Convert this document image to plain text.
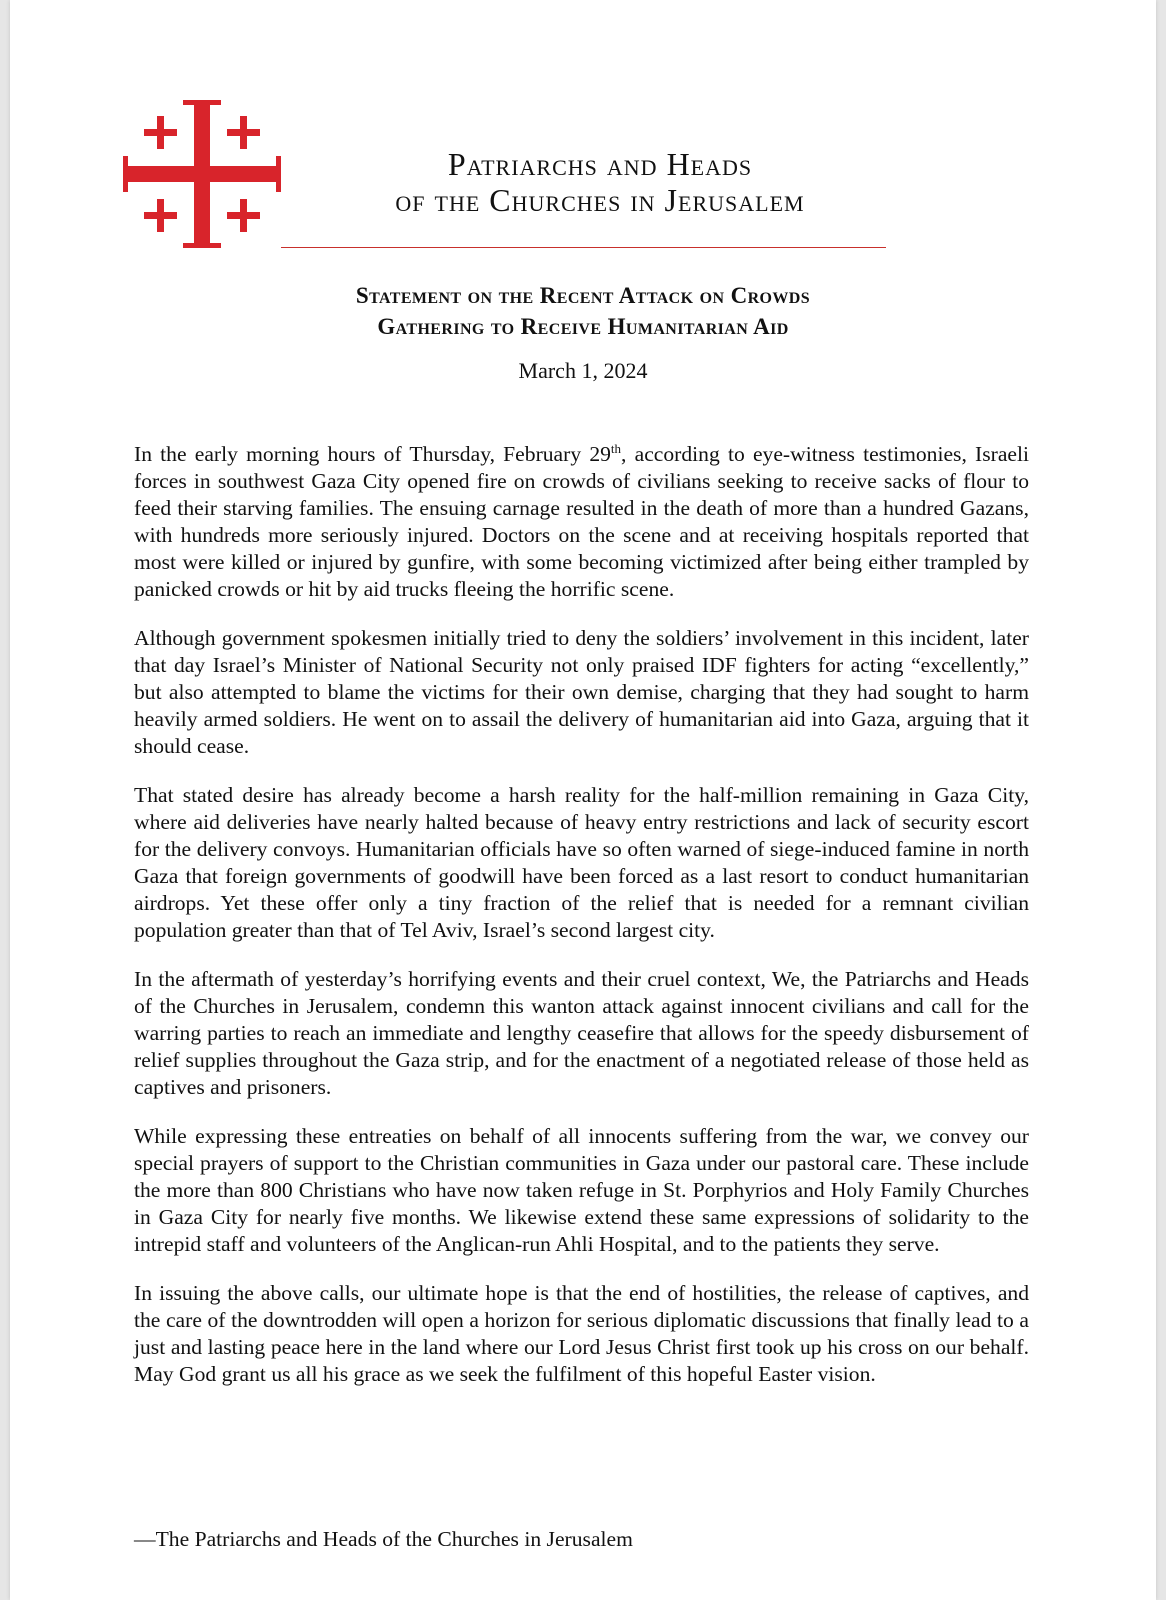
Patriarchs and Heads
of the Churches in Jerusalem
Statement on the Recent Attack on Crowds
Gathering to Receive Humanitarian Aid
March 1, 2024

In the early morning hours of Thursday, February 29th, according to eye-witness testimonies, Israeli forces in southwest Gaza City opened fire on crowds of civilians seeking to receive sacks of flour to feed their starving families. The ensuing carnage resulted in the death of more than a hundred Gazans, with hundreds more seriously injured. Doctors on the scene and at receiving hospitals reported that most were killed or injured by gunfire, with some becoming victimized after being either trampled by panicked crowds or hit by aid trucks fleeing the horrific scene.

Although government spokesmen initially tried to deny the soldiers’ involvement in this incident, later that day Israel’s Minister of National Security not only praised IDF fighters for acting “excellently,” but also attempted to blame the victims for their own demise, charging that they had sought to harm heavily armed soldiers. He went on to assail the delivery of humanitarian aid into Gaza, arguing that it should cease.

That stated desire has already become a harsh reality for the half-million remaining in Gaza City, where aid deliveries have nearly halted because of heavy entry restrictions and lack of security escort for the delivery convoys. Humanitarian officials have so often warned of siege-induced famine in north Gaza that foreign governments of goodwill have been forced as a last resort to conduct humanitarian airdrops. Yet these offer only a tiny fraction of the relief that is needed for a remnant civilian population greater than that of Tel Aviv, Israel’s second largest city.

In the aftermath of yesterday’s horrifying events and their cruel context, We, the Patriarchs and Heads of the Churches in Jerusalem, condemn this wanton attack against innocent civilians and call for the warring parties to reach an immediate and lengthy ceasefire that allows for the speedy disbursement of relief supplies throughout the Gaza strip, and for the enactment of a negotiated release of those held as captives and prisoners.

While expressing these entreaties on behalf of all innocents suffering from the war, we convey our special prayers of support to the Christian communities in Gaza under our pastoral care. These include the more than 800 Christians who have now taken refuge in St. Porphyrios and Holy Family Churches in Gaza City for nearly five months. We likewise extend these same expressions of solidarity to the intrepid staff and volunteers of the Anglican-run Ahli Hospital, and to the patients they serve.

In issuing the above calls, our ultimate hope is that the end of hostilities, the release of captives, and the care of the downtrodden will open a horizon for serious diplomatic discussions that finally lead to a just and lasting peace here in the land where our Lord Jesus Christ first took up his cross on our behalf. May God grant us all his grace as we seek the fulfilment of this hopeful Easter vision.

—The Patriarchs and Heads of the Churches in Jerusalem
